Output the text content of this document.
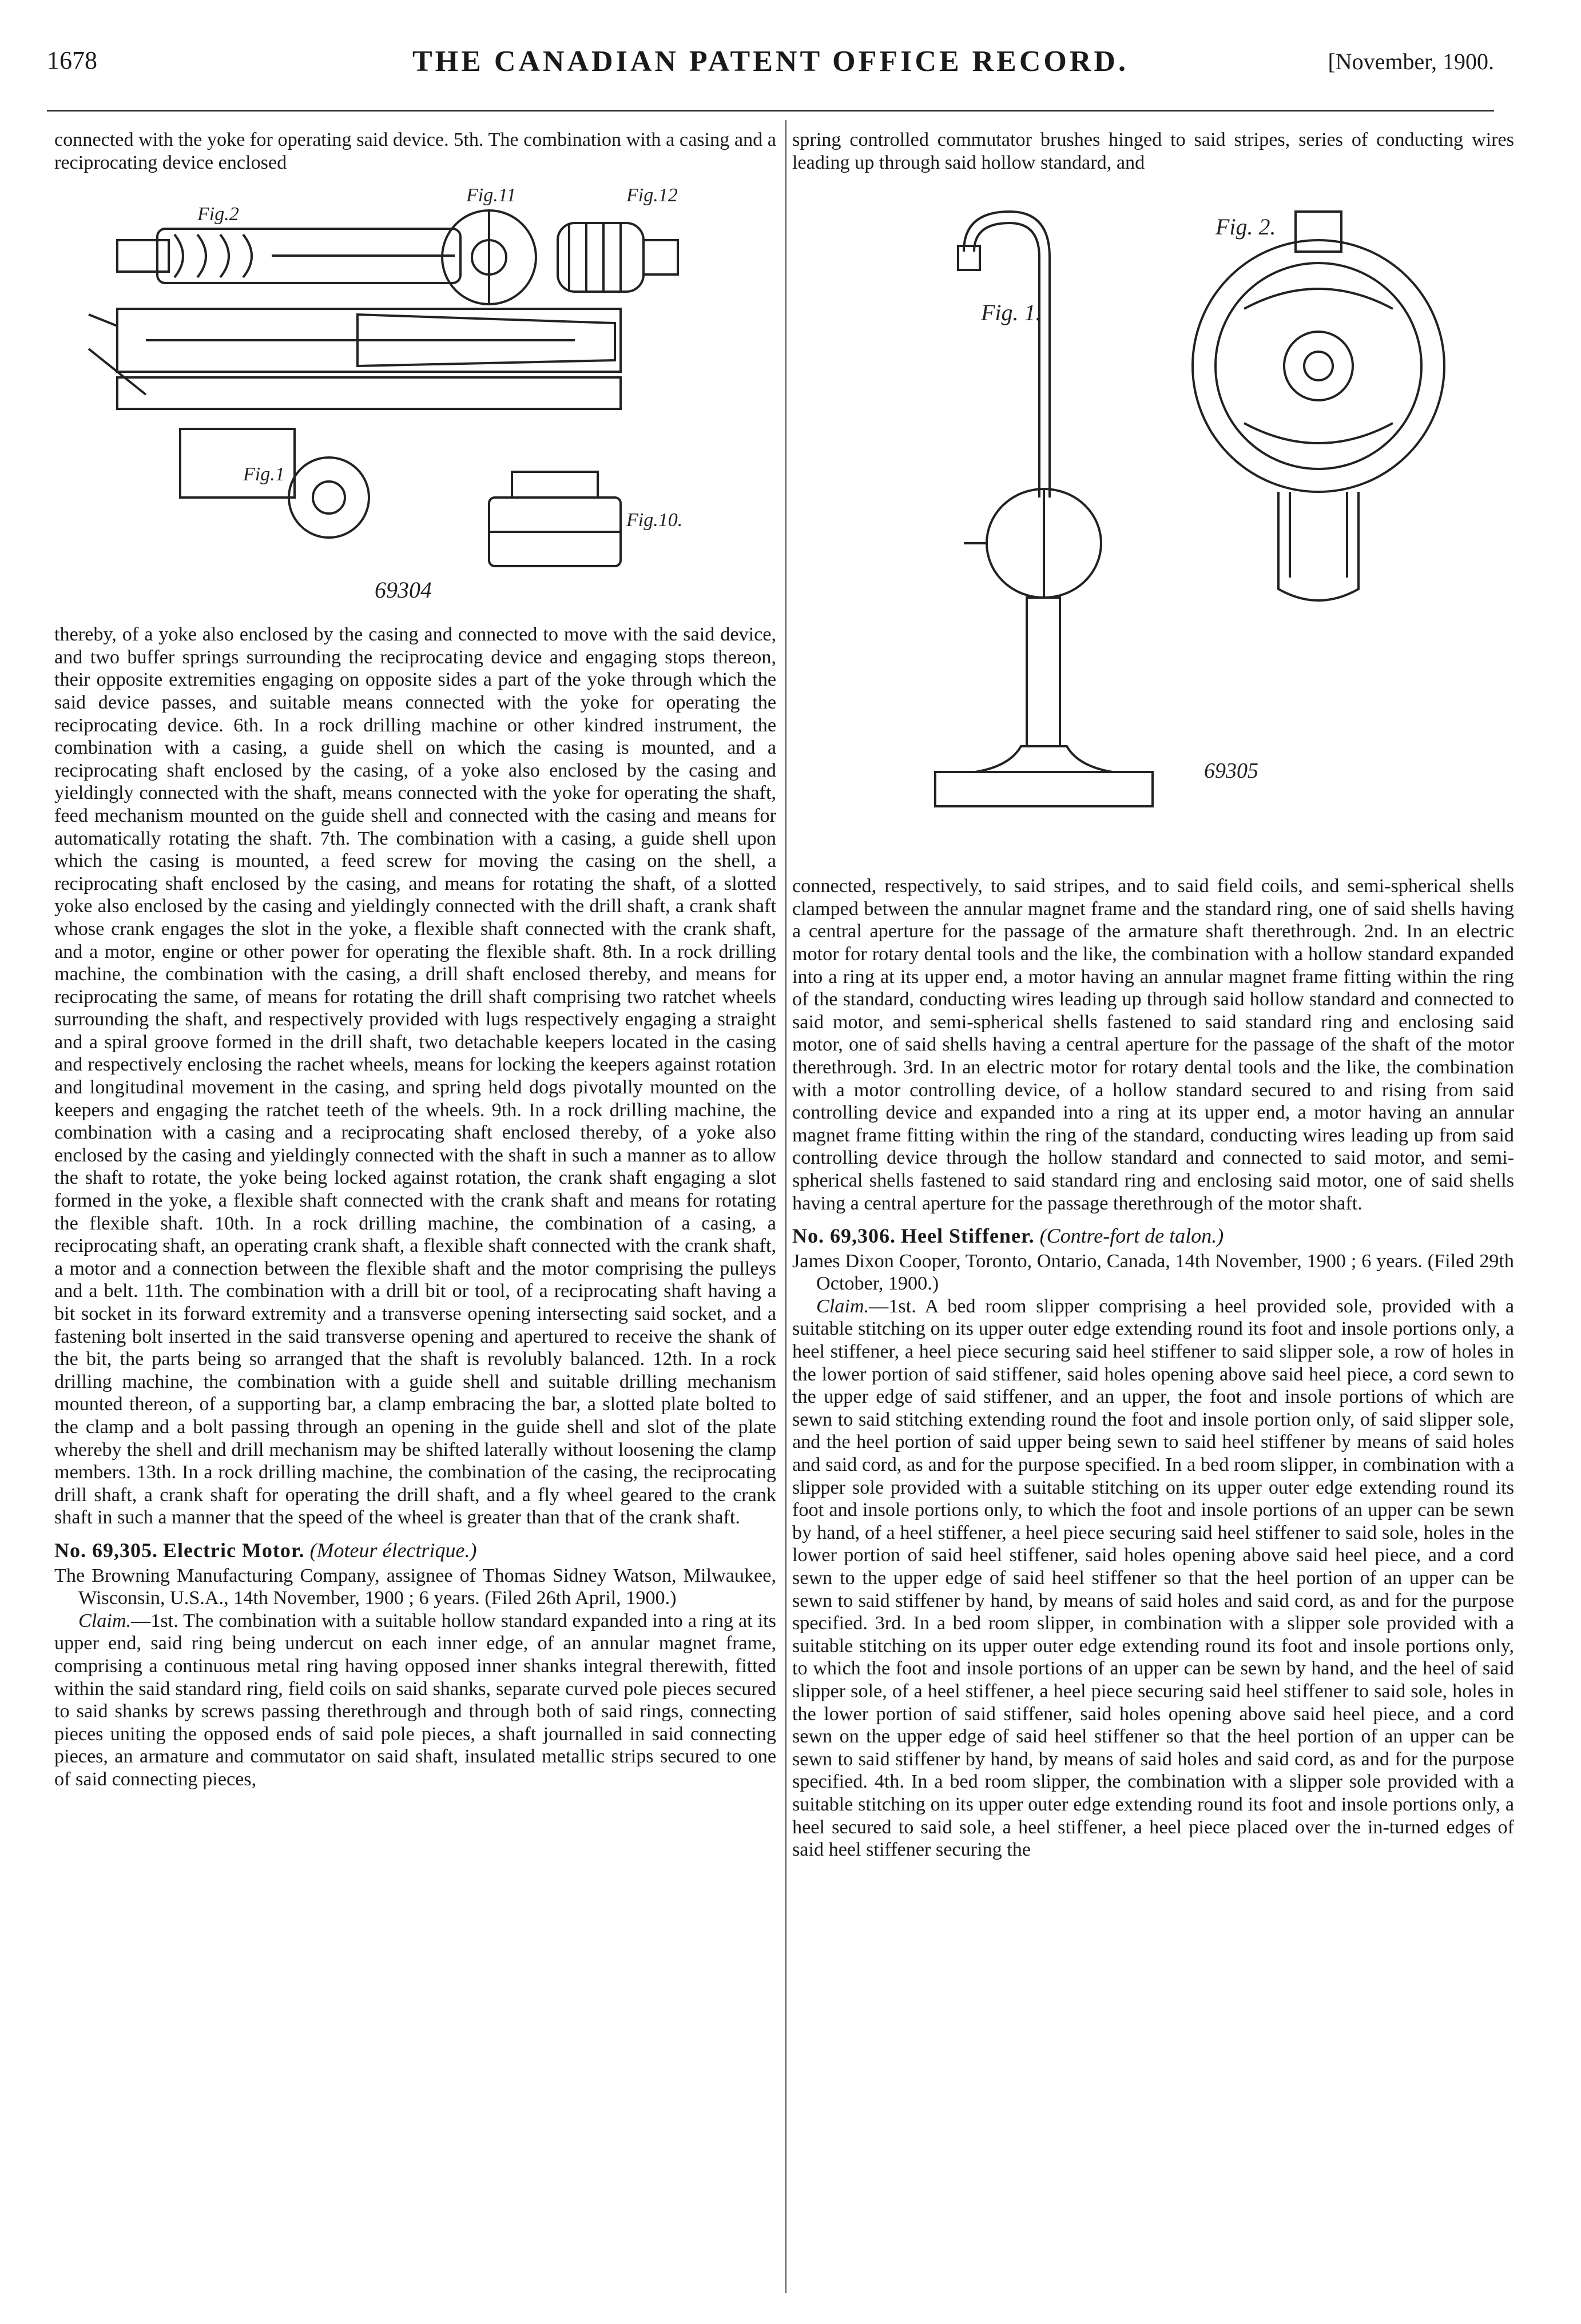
1678	THE CANADIAN PATENT OFFICE RECORD.	[November, 1900.

connected with the yoke for operating said device. 5th. The combination with a casing and a reciprocating device enclosed

Fig.11	Fig.12
Fig.2
Fig.1
Fig.10.
69304

thereby, of a yoke also enclosed by the casing and connected to move with the said device, and two buffer springs surrounding the reciprocating device and engaging stops thereon, their opposite extremities engaging on opposite sides a part of the yoke through which the said device passes, and suitable means connected with the yoke for operating the reciprocating device. 6th. In a rock drilling machine or other kindred instrument, the combination with a casing, a guide shell on which the casing is mounted, and a reciprocating shaft enclosed by the casing, of a yoke also enclosed by the casing and yieldingly connected with the shaft, means connected with the yoke for operating the shaft, feed mechanism mounted on the guide shell and connected with the casing and means for automatically rotating the shaft. 7th. The combination with a casing, a guide shell upon which the casing is mounted, a feed screw for moving the casing on the shell, a reciprocating shaft enclosed by the casing, and means for rotating the shaft, of a slotted yoke also enclosed by the casing and yieldingly connected with the drill shaft, a crank shaft whose crank engages the slot in the yoke, a flexible shaft connected with the crank shaft, and a motor, engine or other power for operating the flexible shaft. 8th. In a rock drilling machine, the combination with the casing, a drill shaft enclosed thereby, and means for reciprocating the same, of means for rotating the drill shaft comprising two ratchet wheels surrounding the shaft, and respectively provided with lugs respectively engaging a straight and a spiral groove formed in the drill shaft, two detachable keepers located in the casing and respectively enclosing the rachet wheels, means for locking the keepers against rotation and longitudinal movement in the casing, and spring held dogs pivotally mounted on the keepers and engaging the ratchet teeth of the wheels. 9th. In a rock drilling machine, the combination with a casing and a reciprocating shaft enclosed thereby, of a yoke also enclosed by the casing and yieldingly connected with the shaft in such a manner as to allow the shaft to rotate, the yoke being locked against rotation, the crank shaft engaging a slot formed in the yoke, a flexible shaft connected with the crank shaft and means for rotating the flexible shaft. 10th. In a rock drilling machine, the combination of a casing, a reciprocating shaft, an operating crank shaft, a flexible shaft connected with the crank shaft, a motor and a connection between the flexible shaft and the motor comprising the pulleys and a belt. 11th. The combination with a drill bit or tool, of a reciprocating shaft having a bit socket in its forward extremity and a transverse opening intersecting said socket, and a fastening bolt inserted in the said transverse opening and apertured to receive the shank of the bit, the parts being so arranged that the shaft is revolubly balanced. 12th. In a rock drilling machine, the combination with a guide shell and suitable drilling mechanism mounted thereon, of a supporting bar, a clamp embracing the bar, a slotted plate bolted to the clamp and a bolt passing through an opening in the guide shell and slot of the plate whereby the shell and drill mechanism may be shifted laterally without loosening the clamp members. 13th. In a rock drilling machine, the combination of the casing, the reciprocating drill shaft, a crank shaft for operating the drill shaft, and a fly wheel geared to the crank shaft in such a manner that the speed of the wheel is greater than that of the crank shaft.

No. 69,305. Electric Motor. (Moteur électrique.)

The Browning Manufacturing Company, assignee of Thomas Sidney Watson, Milwaukee, Wisconsin, U.S.A., 14th November, 1900 ; 6 years. (Filed 26th April, 1900.)

Claim.—1st. The combination with a suitable hollow standard expanded into a ring at its upper end, said ring being undercut on each inner edge, of an annular magnet frame, comprising a continuous metal ring having opposed inner shanks integral therewith, fitted within the said standard ring, field coils on said shanks, separate curved pole pieces secured to said shanks by screws passing therethrough and through both of said rings, connecting pieces uniting the opposed ends of said pole pieces, a shaft journalled in said connecting pieces, an armature and commutator on said shaft, insulated metallic strips secured to one of said connecting pieces,

spring controlled commutator brushes hinged to said stripes, series of conducting wires leading up through said hollow standard, and

Fig. 1.
Fig. 2.
69305

connected, respectively, to said stripes, and to said field coils, and semi-spherical shells clamped between the annular magnet frame and the standard ring, one of said shells having a central aperture for the passage of the armature shaft therethrough. 2nd. In an electric motor for rotary dental tools and the like, the combination with a hollow standard expanded into a ring at its upper end, a motor having an annular magnet frame fitting within the ring of the standard, conducting wires leading up through said hollow standard and connected to said motor, and semi-spherical shells fastened to said standard ring and enclosing said motor, one of said shells having a central aperture for the passage of the shaft of the motor therethrough. 3rd. In an electric motor for rotary dental tools and the like, the combination with a motor controlling device, of a hollow standard secured to and rising from said controlling device and expanded into a ring at its upper end, a motor having an annular magnet frame fitting within the ring of the standard, conducting wires leading up from said controlling device through the hollow standard and connected to said motor, and semi-spherical shells fastened to said standard ring and enclosing said motor, one of said shells having a central aperture for the passage therethrough of the motor shaft.

No. 69,306. Heel Stiffener. (Contre-fort de talon.)

James Dixon Cooper, Toronto, Ontario, Canada, 14th November, 1900 ; 6 years. (Filed 29th October, 1900.)

Claim.—1st. A bed room slipper comprising a heel provided sole, provided with a suitable stitching on its upper outer edge extending round its foot and insole portions only, a heel stiffener, a heel piece securing said heel stiffener to said slipper sole, a row of holes in the lower portion of said stiffener, said holes opening above said heel piece, a cord sewn to the upper edge of said stiffener, and an upper, the foot and insole portions of which are sewn to said stitching extending round the foot and insole portion only, of said slipper sole, and the heel portion of said upper being sewn to said heel stiffener by means of said holes and said cord, as and for the purpose specified. In a bed room slipper, in combination with a slipper sole provided with a suitable stitching on its upper outer edge extending round its foot and insole portions only, to which the foot and insole portions of an upper can be sewn by hand, of a heel stiffener, a heel piece securing said heel stiffener to said sole, holes in the lower portion of said heel stiffener, said holes opening above said heel piece, and a cord sewn to the upper edge of said heel stiffener so that the heel portion of an upper can be sewn to said stiffener by hand, by means of said holes and said cord, as and for the purpose specified. 3rd. In a bed room slipper, in combination with a slipper sole provided with a suitable stitching on its upper outer edge extending round its foot and insole portions only, to which the foot and insole portions of an upper can be sewn by hand, and the heel of said slipper sole, of a heel stiffener, a heel piece securing said heel stiffener to said sole, holes in the lower portion of said stiffener, said holes opening above said heel piece, and a cord sewn on the upper edge of said heel stiffener so that the heel portion of an upper can be sewn to said stiffener by hand, by means of said holes and said cord, as and for the purpose specified. 4th. In a bed room slipper, the combination with a slipper sole provided with a suitable stitching on its upper outer edge extending round its foot and insole portions only, a heel secured to said sole, a heel stiffener, a heel piece placed over the in-turned edges of said heel stiffener securing the
